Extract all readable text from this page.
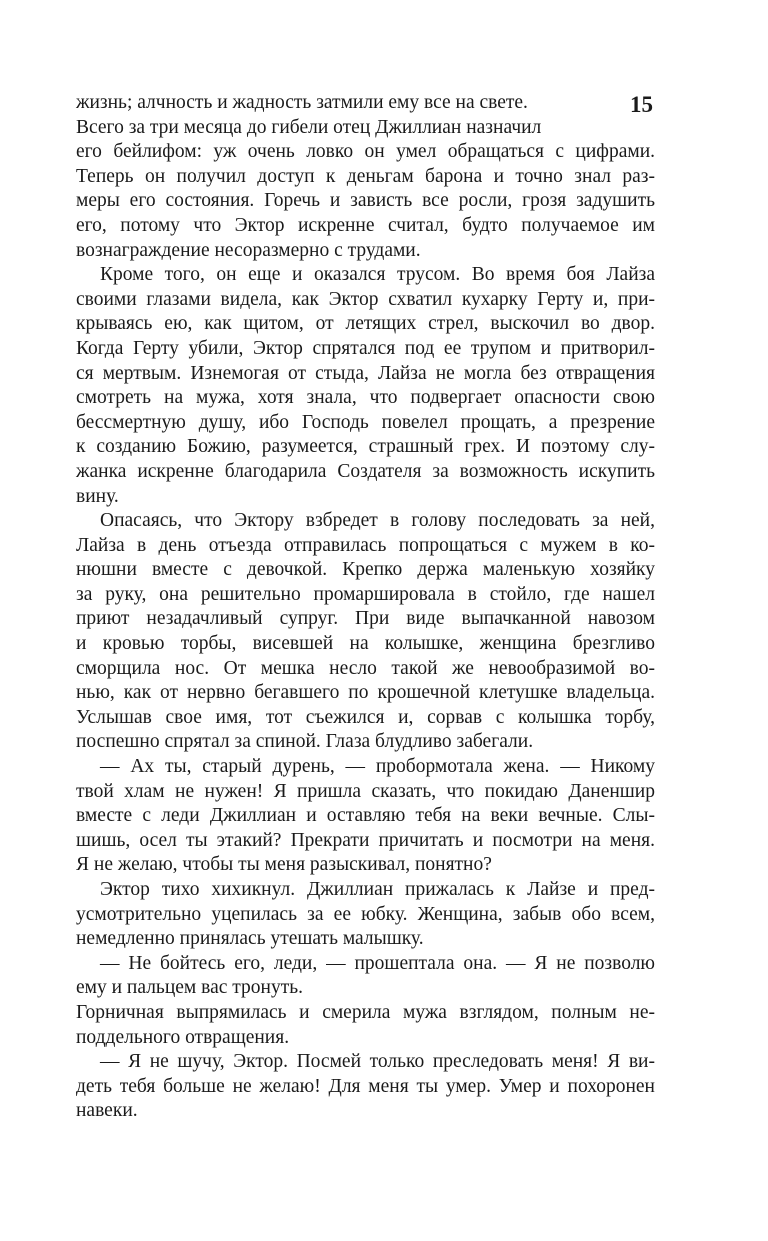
15
жизнь; алчность и жадность затмили ему все на свете.
Всего за три месяца до гибели отец Джиллиан назначил
его бейлифом: уж очень ловко он умел обращаться с цифрами.
Теперь он получил доступ к деньгам барона и точно знал раз-
меры его состояния. Горечь и зависть все росли, грозя задушить
его, потому что Эктор искренне считал, будто получаемое им
вознаграждение несоразмерно с трудами.
Кроме того, он еще и оказался трусом. Во время боя Лайза
своими глазами видела, как Эктор схватил кухарку Герту и, при-
крываясь ею, как щитом, от летящих стрел, выскочил во двор.
Когда Герту убили, Эктор спрятался под ее трупом и притворил-
ся мертвым. Изнемогая от стыда, Лайза не могла без отвращения
смотреть на мужа, хотя знала, что подвергает опасности свою
бессмертную душу, ибо Господь повелел прощать, а презрение
к созданию Божию, разумеется, страшный грех. И поэтому слу-
жанка искренне благодарила Создателя за возможность искупить
вину.
Опасаясь, что Эктору взбредет в голову последовать за ней,
Лайза в день отъезда отправилась попрощаться с мужем в ко-
нюшни вместе с девочкой. Крепко держа маленькую хозяйку
за руку, она решительно промаршировала в стойло, где нашел
приют незадачливый супруг. При виде выпачканной навозом
и кровью торбы, висевшей на колышке, женщина брезгливо
сморщила нос. От мешка несло такой же невообразимой во-
нью, как от нервно бегавшего по крошечной клетушке владельца.
Услышав свое имя, тот съежился и, сорвав с колышка торбу,
поспешно спрятал за спиной. Глаза блудливо забегали.
— Ах ты, старый дурень, — пробормотала жена. — Никому
твой хлам не нужен! Я пришла сказать, что покидаю Даненшир
вместе с леди Джиллиан и оставляю тебя на веки вечные. Слы-
шишь, осел ты этакий? Прекрати причитать и посмотри на меня.
Я не желаю, чтобы ты меня разыскивал, понятно?
Эктор тихо хихикнул. Джиллиан прижалась к Лайзе и пред-
усмотрительно уцепилась за ее юбку. Женщина, забыв обо всем,
немедленно принялась утешать малышку.
— Не бойтесь его, леди, — прошептала она. — Я не позволю
ему и пальцем вас тронуть.
Горничная выпрямилась и смерила мужа взглядом, полным не-
поддельного отвращения.
— Я не шучу, Эктор. Посмей только преследовать меня! Я ви-
деть тебя больше не желаю! Для меня ты умер. Умер и похоронен
навеки.
